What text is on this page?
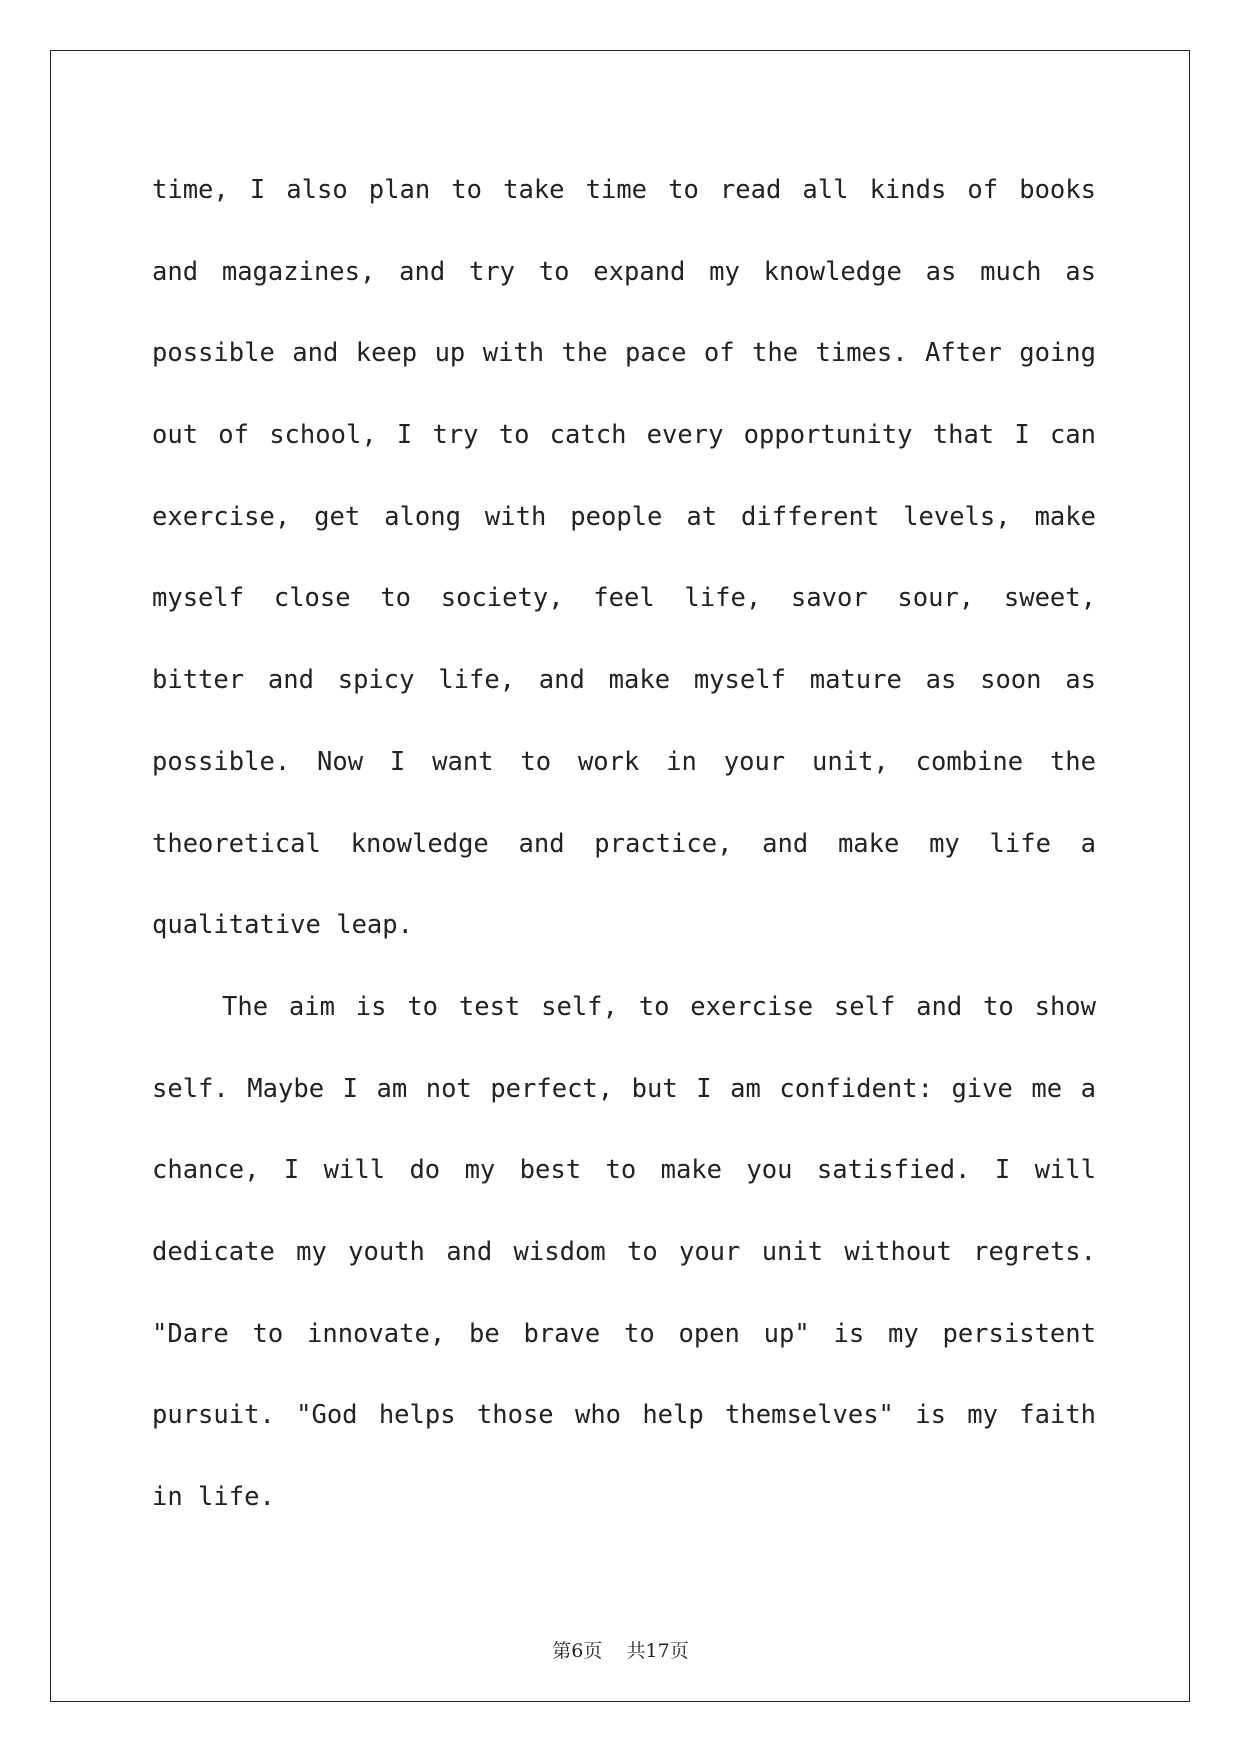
time, I also plan to take time to read all kinds of books
and magazines, and try to expand my knowledge as much as
possible and keep up with the pace of the times. After going
out of school, I try to catch every opportunity that I can
exercise, get along with people at different levels, make
myself close to society, feel life, savor sour, sweet,
bitter and spicy life, and make myself mature as soon as
possible. Now I want to work in your unit, combine the
theoretical knowledge and practice, and make my life a
qualitative leap.
The aim is to test self, to exercise self and to show
self. Maybe I am not perfect, but I am confident: give me a
chance, I will do my best to make you satisfied. I will
dedicate my youth and wisdom to your unit without regrets.
"Dare to innovate, be brave to open up" is my persistent
pursuit. "God helps those who help themselves" is my faith
in life.
第6页    共17页
